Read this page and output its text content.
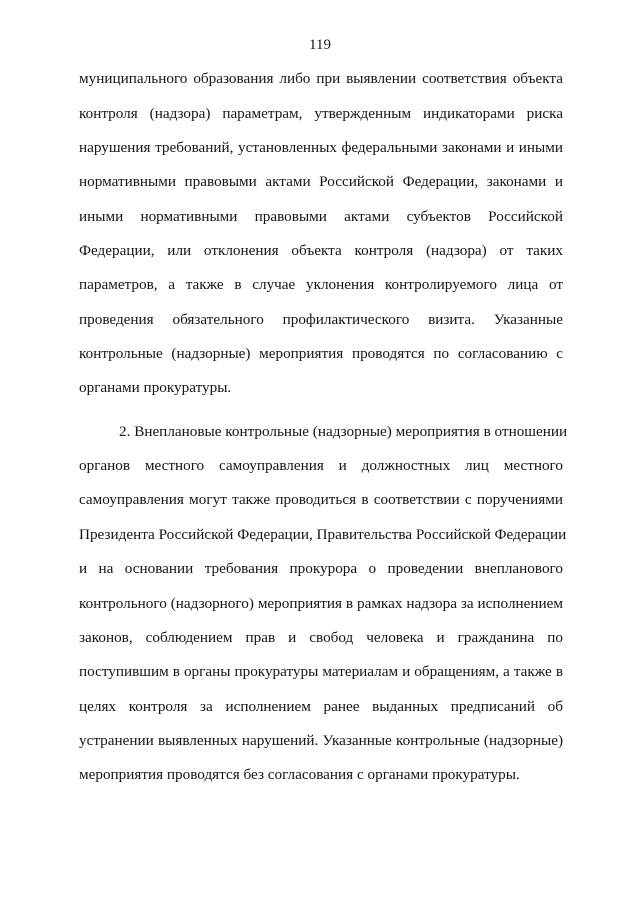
119
муниципального образования либо при выявлении соответствия объекта
контроля (надзора) параметрам, утвержденным индикаторами риска
нарушения требований, установленных федеральными законами и иными
нормативными правовыми актами Российской Федерации, законами и
иными нормативными правовыми актами субъектов Российской
Федерации, или отклонения объекта контроля (надзора) от таких
параметров, а также в случае уклонения контролируемого лица от
проведения обязательного профилактического визита. Указанные
контрольные (надзорные) мероприятия проводятся по согласованию с
органами прокуратуры.
2. Внеплановые контрольные (надзорные) мероприятия в отношении
органов местного самоуправления и должностных лиц местного
самоуправления могут также проводиться в соответствии с поручениями
Президента Российской Федерации, Правительства Российской Федерации
и на основании требования прокурора о проведении внепланового
контрольного (надзорного) мероприятия в рамках надзора за исполнением
законов, соблюдением прав и свобод человека и гражданина по
поступившим в органы прокуратуры материалам и обращениям, а также в
целях контроля за исполнением ранее выданных предписаний об
устранении выявленных нарушений. Указанные контрольные (надзорные)
мероприятия проводятся без согласования с органами прокуратуры.
